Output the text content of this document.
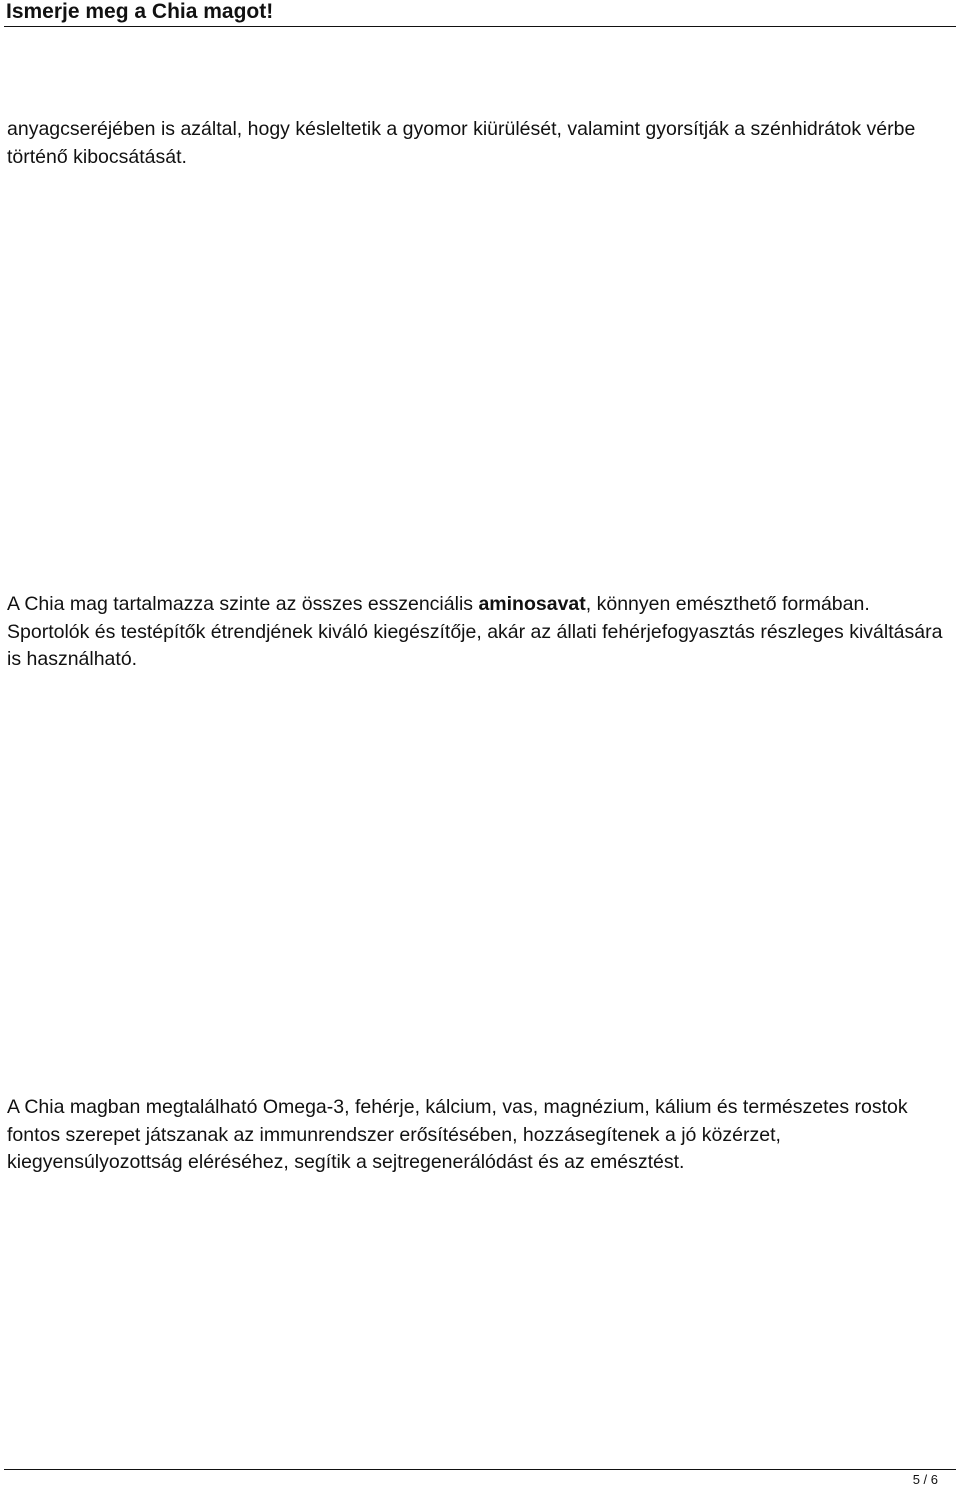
Ismerje meg a Chia magot!

anyagcseréjében is azáltal, hogy késleltetik a gyomor kiürülését, valamint gyorsítják a szénhidrátok vérbe történő kibocsátását.

A Chia mag tartalmazza szinte az összes esszenciális aminosavat, könnyen emészthető formában. Sportolók és testépítők étrendjének kiváló kiegészítője, akár az állati fehérjefogyasztás részleges kiváltására is használható.

A Chia magban megtalálható Omega-3, fehérje, kálcium, vas, magnézium, kálium és természetes rostok fontos szerepet játszanak az immunrendszer erősítésében, hozzásegítenek a jó közérzet, kiegyensúlyozottság eléréséhez, segítik a sejtregenerálódást és az emésztést.

5 / 6
